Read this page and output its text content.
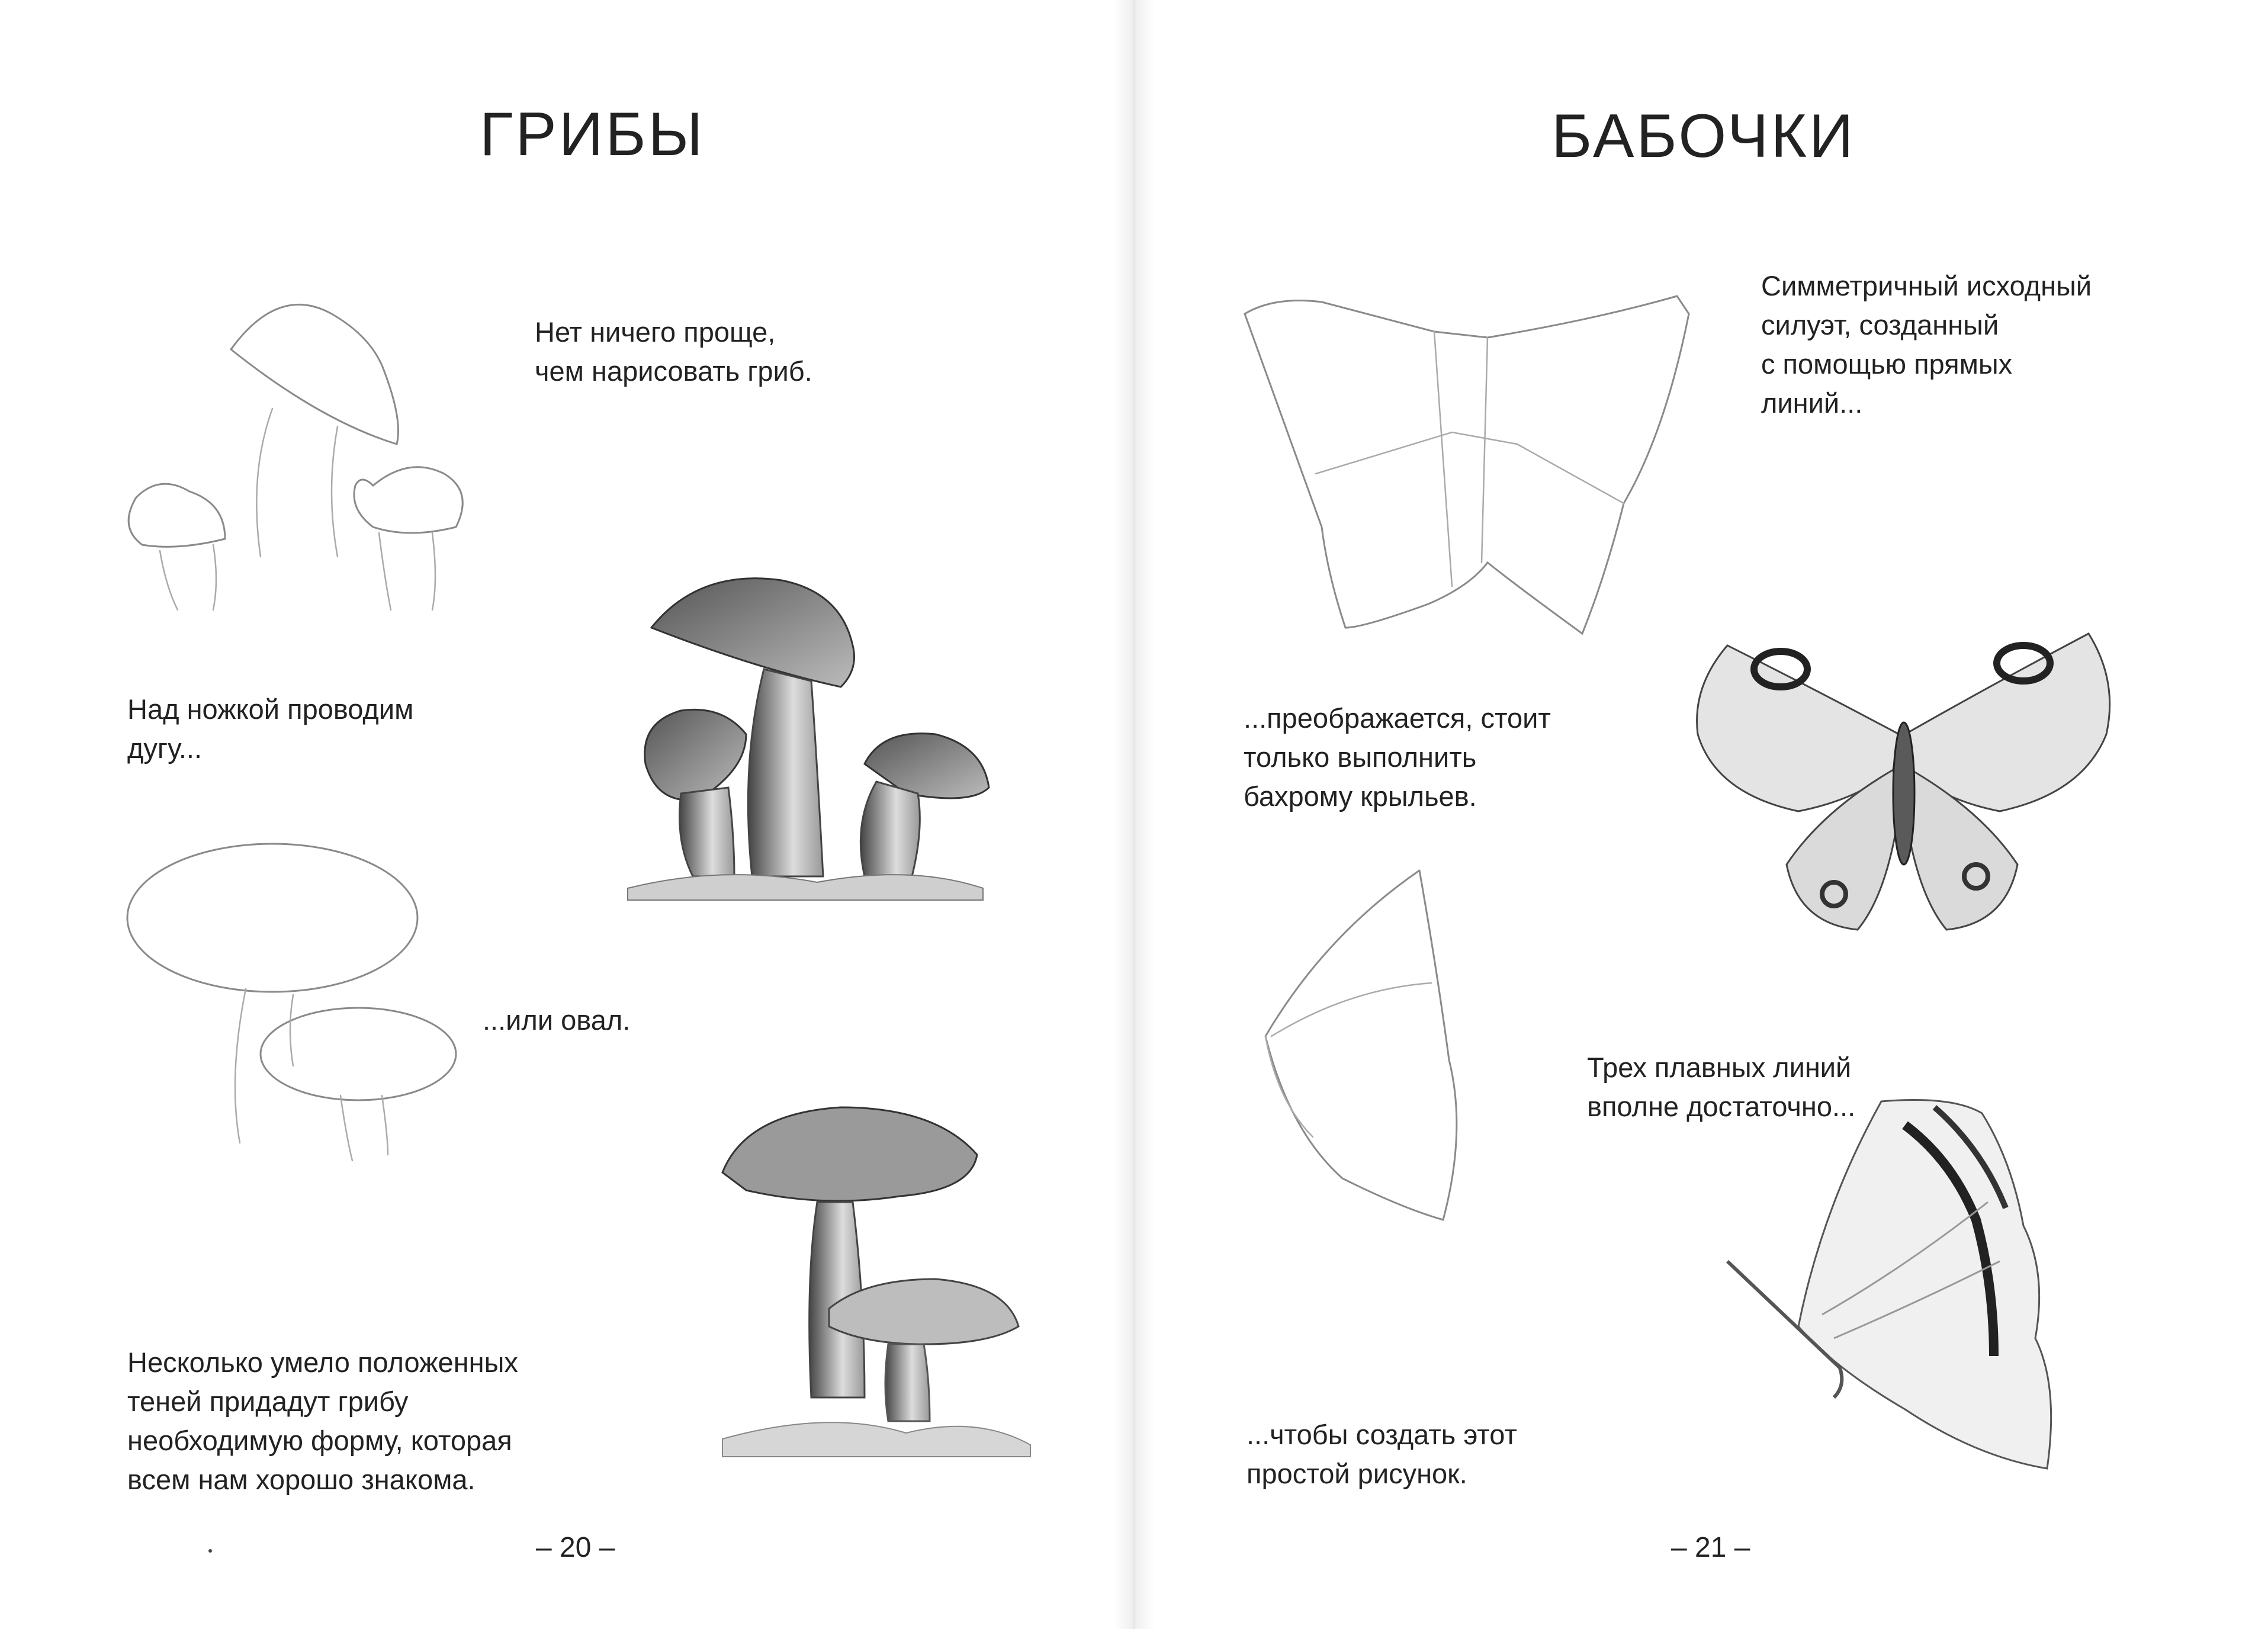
ГРИБЫ

Нет ничего проще,
чем нарисовать гриб.

Над ножкой проводим
дугу...

...или овал.

Несколько умело положенных
теней придадут грибу
необходимую форму, которая
всем нам хорошо знакома.

– 20 –
БАБОЧКИ

Симметричный исходный
силуэт, созданный
с помощью прямых
линий...

...преображается, стоит
только выполнить
бахрому крыльев.

Трех плавных линий
вполне достаточно...

...чтобы создать этот
простой рисунок.

– 21 –
